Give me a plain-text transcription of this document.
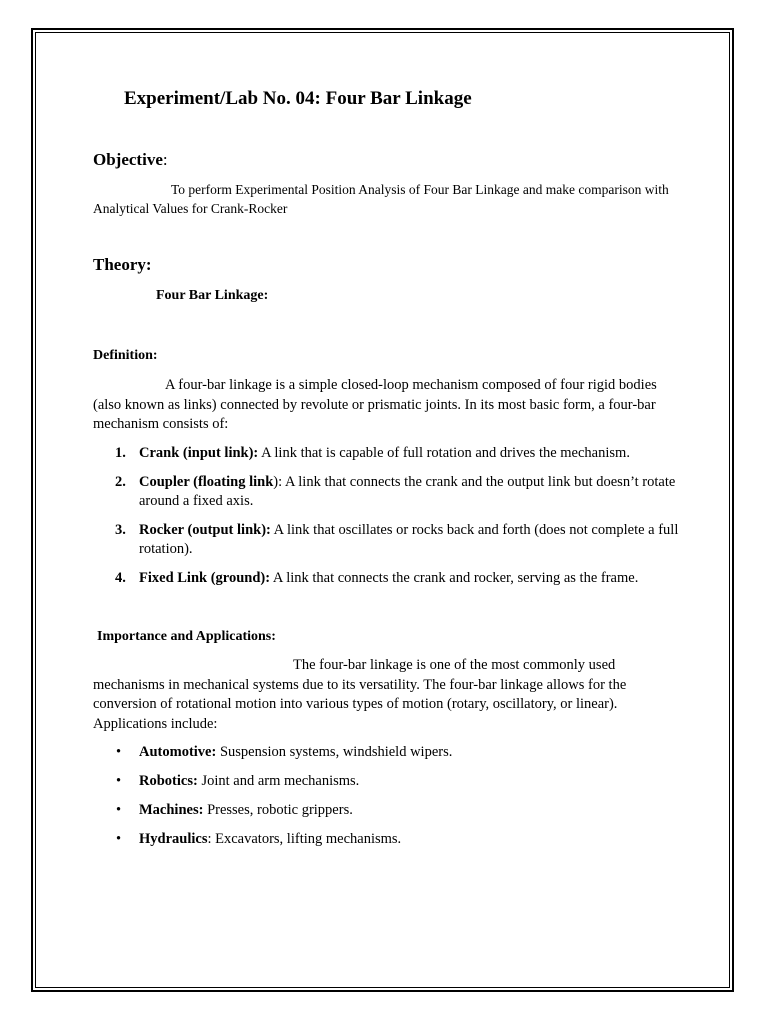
Experiment/Lab No. 04: Four Bar Linkage
Objective:
To perform Experimental Position Analysis of Four Bar Linkage and make comparison with Analytical Values for Crank-Rocker
Theory:
Four Bar Linkage:
Definition:
A four-bar linkage is a simple closed-loop mechanism composed of four rigid bodies (also known as links) connected by revolute or prismatic joints. In its most basic form, a four-bar mechanism consists of:
1. Crank (input link): A link that is capable of full rotation and drives the mechanism.
2. Coupler (floating link): A link that connects the crank and the output link but doesn’t rotate around a fixed axis.
3. Rocker (output link): A link that oscillates or rocks back and forth (does not complete a full rotation).
4. Fixed Link (ground): A link that connects the crank and rocker, serving as the frame.
Importance and Applications:
The four-bar linkage is one of the most commonly used mechanisms in mechanical systems due to its versatility. The four-bar linkage allows for the conversion of rotational motion into various types of motion (rotary, oscillatory, or linear). Applications include:
• Automotive: Suspension systems, windshield wipers.
• Robotics: Joint and arm mechanisms.
• Machines: Presses, robotic grippers.
• Hydraulics: Excavators, lifting mechanisms.
